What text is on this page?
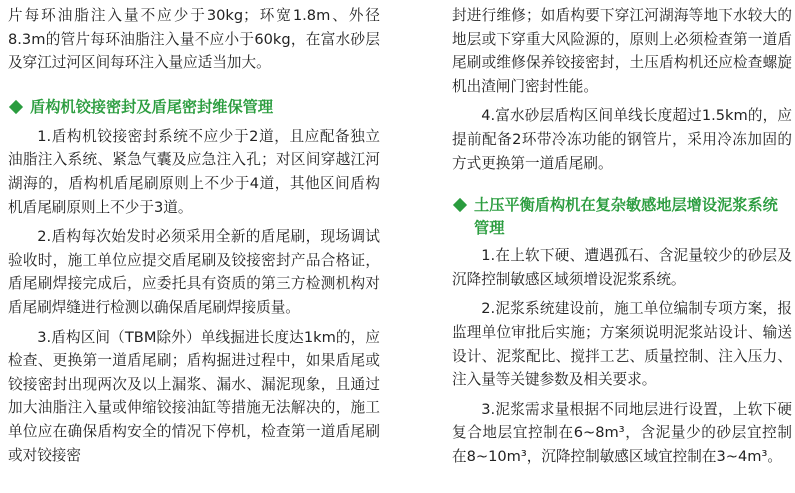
片每环油脂注入量不应少于30kg；环宽1.8m、外径8.3m的管片每环油脂注入量不应小于60kg，在富水砂层及穿江过河区间每环注入量应适当加大。

盾构机铰接密封及盾尾密封维保管理

1.盾构机铰接密封系统不应少于2道，且应配备独立油脂注入系统、紧急气囊及应急注入孔；对区间穿越江河湖海的，盾构机盾尾刷原则上不少于4道，其他区间盾构机盾尾刷原则上不少于3道。

2.盾构每次始发时必须采用全新的盾尾刷，现场调试验收时，施工单位应提交盾尾刷及铰接密封产品合格证，盾尾刷焊接完成后，应委托具有资质的第三方检测机构对盾尾刷焊缝进行检测以确保盾尾刷焊接质量。

3.盾构区间（TBM除外）单线掘进长度达1km的，应检查、更换第一道盾尾刷；盾构掘进过程中，如果盾尾或铰接密封出现两次及以上漏浆、漏水、漏泥现象，且通过加大油脂注入量或伸缩铰接油缸等措施无法解决的，施工单位应在确保盾构安全的情况下停机，检查第一道盾尾刷或对铰接密

封进行维修；如盾构要下穿江河湖海等地下水较大的地层或下穿重大风险源的，原则上必须检查第一道盾尾刷或维修保养铰接密封，土压盾构机还应检查螺旋机出渣闸门密封性能。

4.富水砂层盾构区间单线长度超过1.5km的，应提前配备2环带冷冻功能的钢管片，采用冷冻加固的方式更换第一道盾尾刷。

土压平衡盾构机在复杂敏感地层增设泥浆系统管理

1.在上软下硬、遭遇孤石、含泥量较少的砂层及沉降控制敏感区域须增设泥浆系统。

2.泥浆系统建设前，施工单位编制专项方案，报监理单位审批后实施；方案须说明泥浆站设计、输送设计、泥浆配比、搅拌工艺、质量控制、注入压力、注入量等关键参数及相关要求。

3.泥浆需求量根据不同地层进行设置，上软下硬复合地层宜控制在6~8m³，含泥量少的砂层宜控制在8~10m³，沉降控制敏感区域宜控制在3~4m³。
